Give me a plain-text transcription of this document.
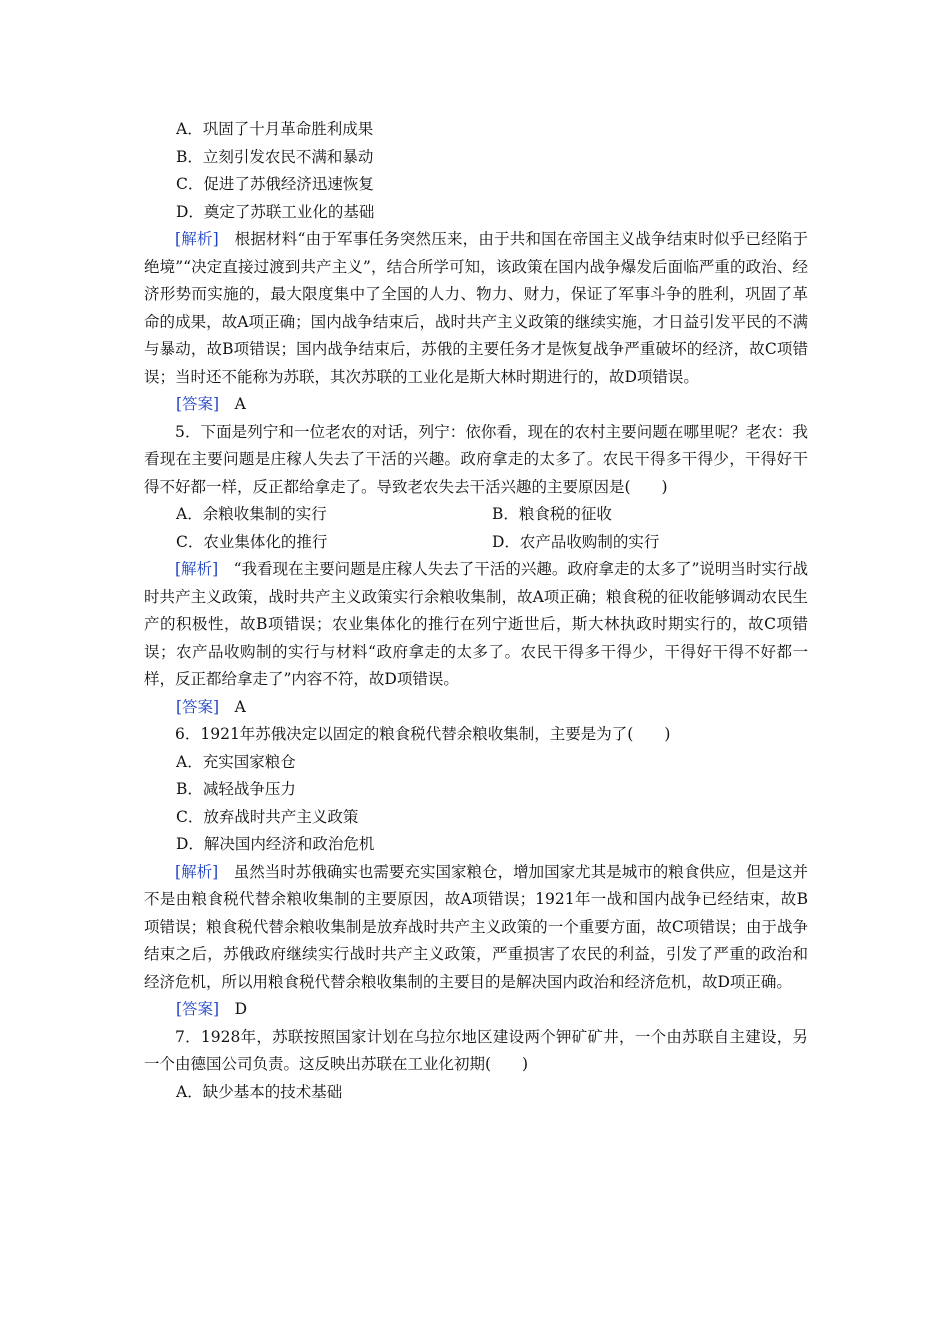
A．巩固了十月革命胜利成果

B．立刻引发农民不满和暴动

C．促进了苏俄经济迅速恢复

D．奠定了苏联工业化的基础

[解析]　 根据材料“由于军事任务突然压来，由于共和国在帝国主义战争结束时似乎已经陷于绝境”“决定直接过渡到共产主义”，结合所学可知，该政策在国内战争爆发后面临严重的政治、经济形势而实施的，最大限度集中了全国的人力、物力、财力，保证了军事斗争的胜利，巩固了革命的成果，故A项正确；国内战争结束后，战时共产主义政策的继续实施，才日益引发平民的不满与暴动，故B项错误；国内战争结束后，苏俄的主要任务才是恢复战争严重破坏的经济，故C项错误；当时还不能称为苏联，其次苏联的工业化是斯大林时期进行的，故D项错误。

[答案]　 A

5．下面是列宁和一位老农的对话，列宁：依你看，现在的农村主要问题在哪里呢？老农：我看现在主要问题是庄稼人失去了干活的兴趣。政府拿走的太多了。农民干得多干得少，干得好干得不好都一样，反正都给拿走了。导致老农失去干活兴趣的主要原因是(　　)

A．余粮收集制的实行	B．粮食税的征收
C．农业集体化的推行	D．农产品收购制的实行

[解析]　 “我看现在主要问题是庄稼人失去了干活的兴趣。政府拿走的太多了”说明当时实行战时共产主义政策，战时共产主义政策实行余粮收集制，故A项正确；粮食税的征收能够调动农民生产的积极性，故B项错误；农业集体化的推行在列宁逝世后，斯大林执政时期实行的，故C项错误；农产品收购制的实行与材料“政府拿走的太多了。农民干得多干得少，干得好干得不好都一样，反正都给拿走了”内容不符，故D项错误。

[答案]　 A

6．1921年苏俄决定以固定的粮食税代替余粮收集制，主要是为了(　　)

A．充实国家粮仓

B．减轻战争压力

C．放弃战时共产主义政策

D．解决国内经济和政治危机

[解析]　 虽然当时苏俄确实也需要充实国家粮仓，增加国家尤其是城市的粮食供应，但是这并不是由粮食税代替余粮收集制的主要原因，故A项错误；1921年一战和国内战争已经结束，故B项错误；粮食税代替余粮收集制是放弃战时共产主义政策的一个重要方面，故C项错误；由于战争结束之后，苏俄政府继续实行战时共产主义政策，严重损害了农民的利益，引发了严重的政治和经济危机，所以用粮食税代替余粮收集制的主要目的是解决国内政治和经济危机，故D项正确。

[答案]　 D

7．1928年，苏联按照国家计划在乌拉尔地区建设两个钾矿矿井，一个由苏联自主建设，另一个由德国公司负责。这反映出苏联在工业化初期(　　)

A．缺少基本的技术基础
